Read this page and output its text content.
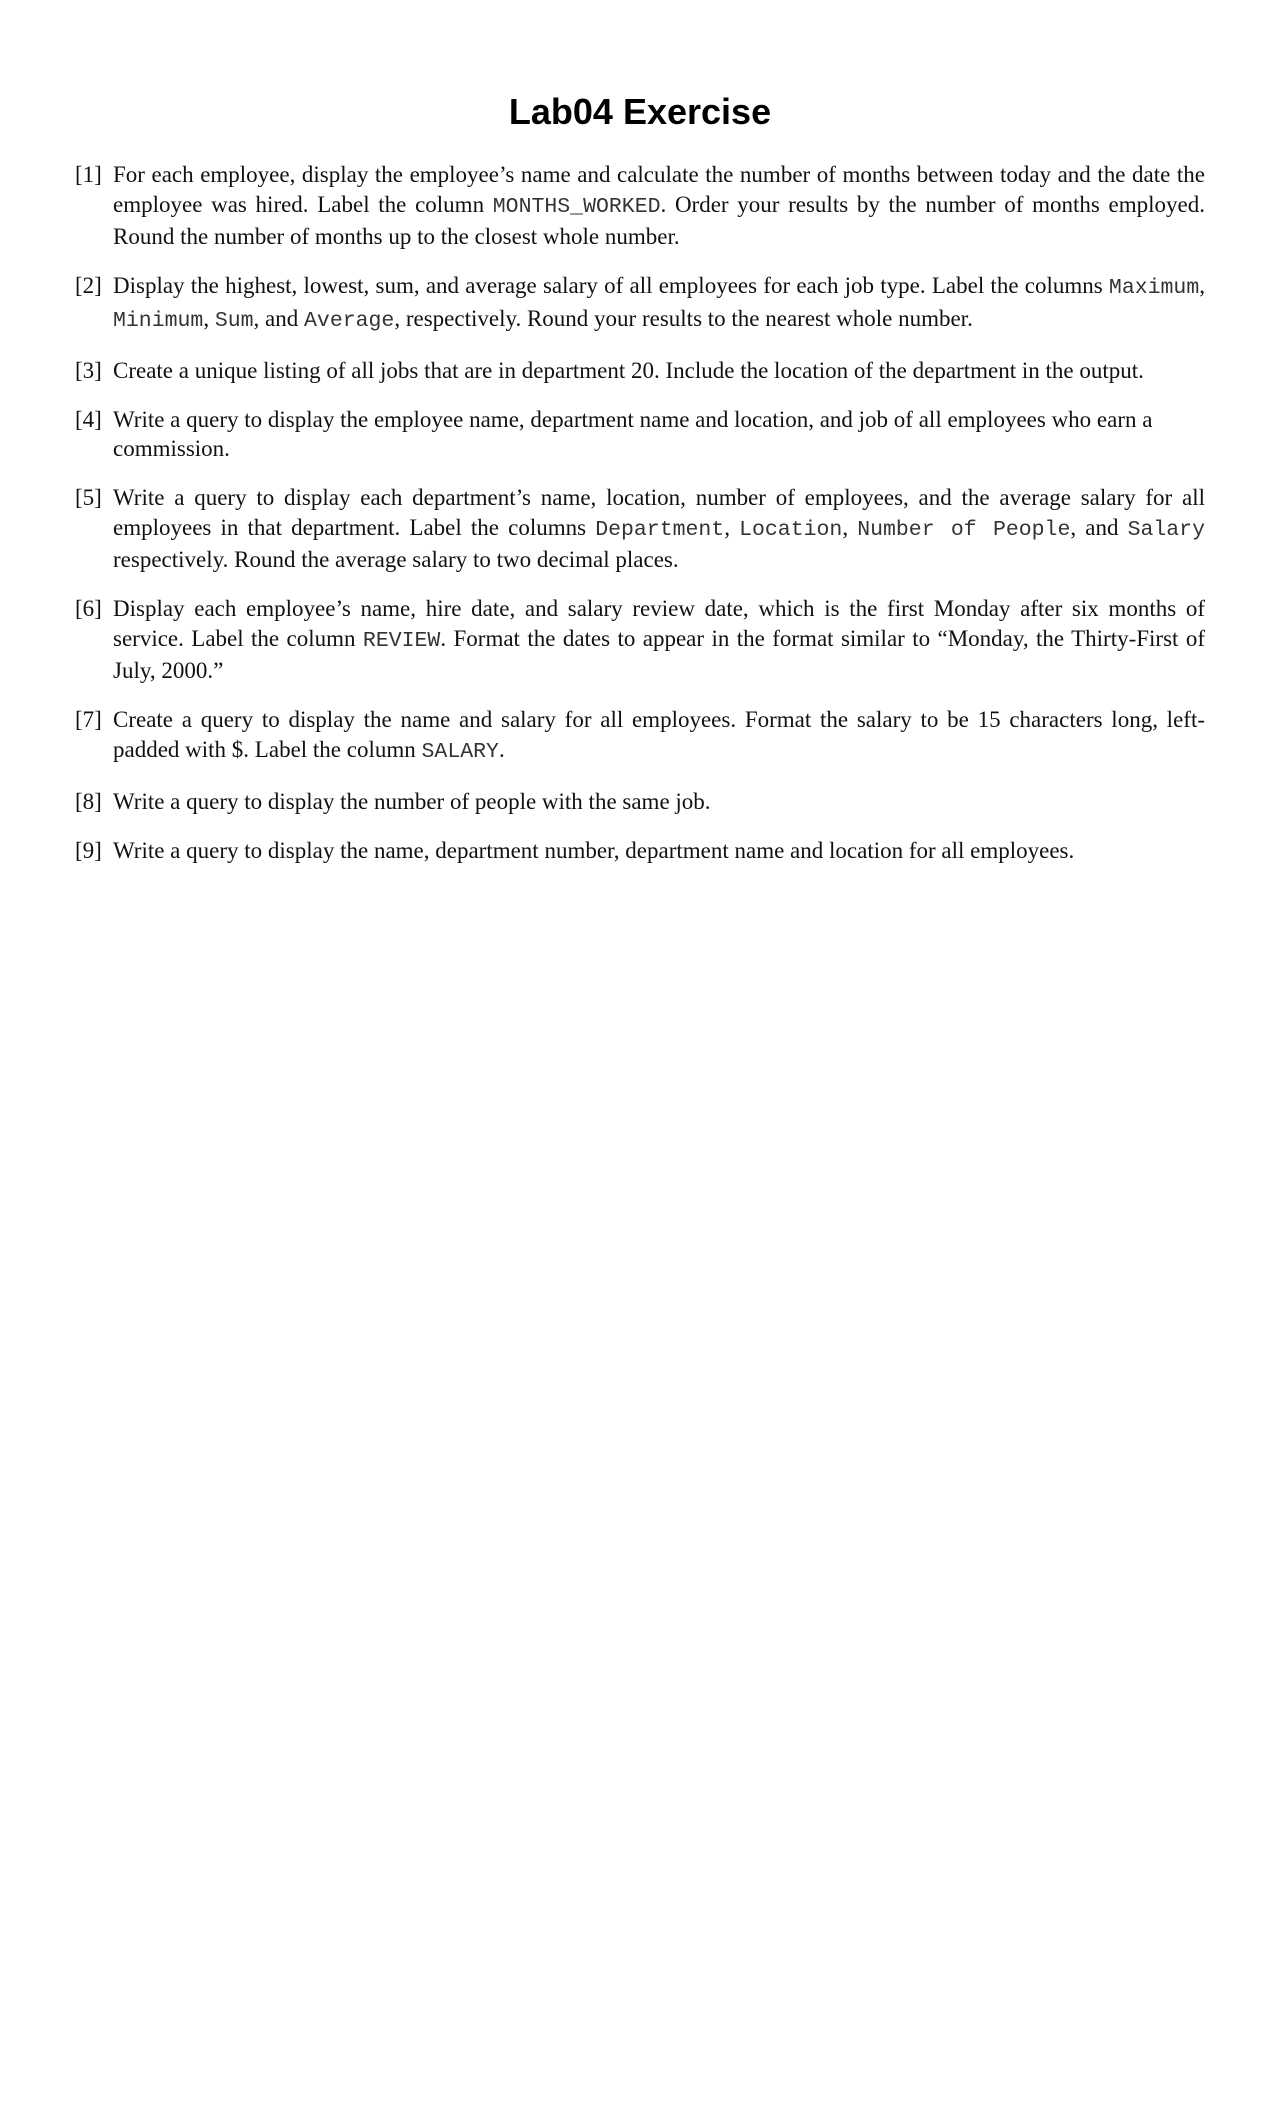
Lab04 Exercise
[1] For each employee, display the employee’s name and calculate the number of months between today and the date the employee was hired. Label the column MONTHS_WORKED. Order your results by the number of months employed. Round the number of months up to the closest whole number.
[2] Display the highest, lowest, sum, and average salary of all employees for each job type. Label the columns Maximum, Minimum, Sum, and Average, respectively. Round your results to the nearest whole number.
[3] Create a unique listing of all jobs that are in department 20. Include the location of the department in the output.
[4] Write a query to display the employee name, department name and location, and job of all employees who earn a commission.
[5] Write a query to display each department’s name, location, number of employees, and the average salary for all employees in that department. Label the columns Department, Location, Number of People, and Salary respectively. Round the average salary to two decimal places.
[6] Display each employee’s name, hire date, and salary review date, which is the first Monday after six months of service. Label the column REVIEW. Format the dates to appear in the format similar to “Monday, the Thirty-First of July, 2000.”
[7] Create a query to display the name and salary for all employees. Format the salary to be 15 characters long, left-padded with $. Label the column SALARY.
[8] Write a query to display the number of people with the same job.
[9] Write a query to display the name, department number, department name and location for all employees.
